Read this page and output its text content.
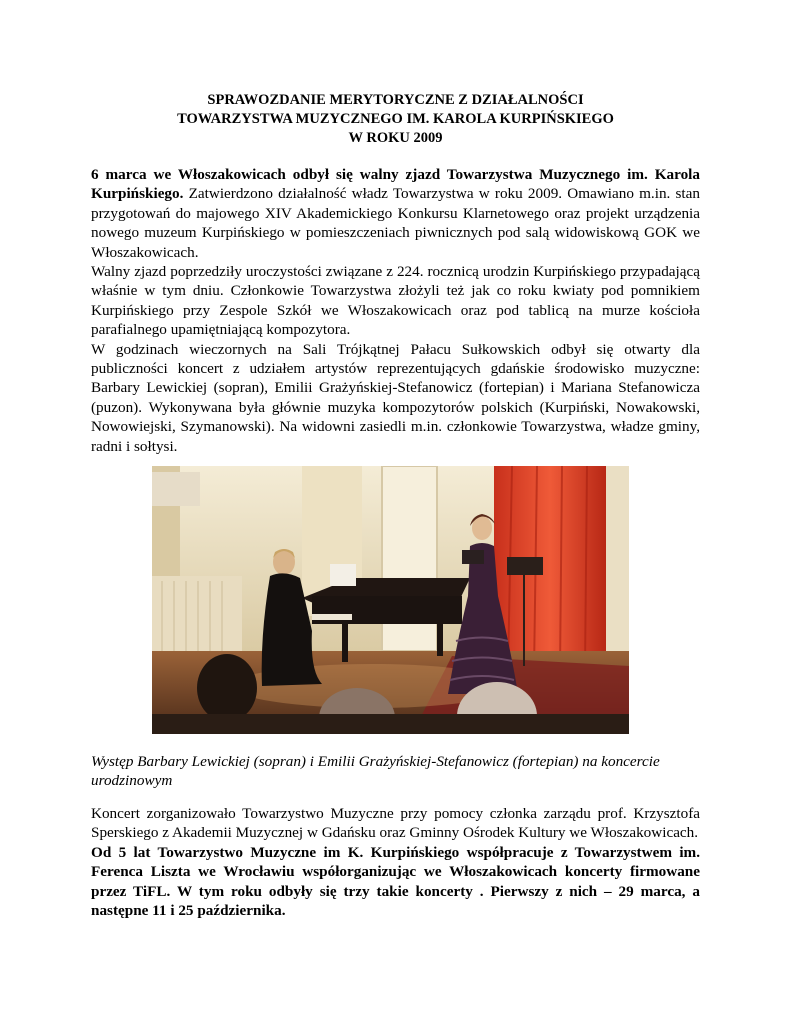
SPRAWOZDANIE MERYTORYCZNE Z DZIAŁALNOŚCI
TOWARZYSTWA MUZYCZNEGO IM. KAROLA KURPIŃSKIEGO
W ROKU 2009

6 marca we Włoszakowicach odbył się walny zjazd Towarzystwa Muzycznego im. Karola Kurpińskiego. Zatwierdzono działalność władz Towarzystwa w roku 2009. Omawiano m.in. stan przygotowań do majowego XIV Akademickiego Konkursu Klarnetowego oraz projekt urządzenia nowego muzeum Kurpińskiego w pomieszczeniach piwnicznych pod salą widowiskową GOK we Włoszakowicach.

Walny zjazd poprzedziły uroczystości związane z 224. rocznicą urodzin Kurpińskiego przypadającą właśnie w tym dniu. Członkowie Towarzystwa złożyli też jak co roku kwiaty pod pomnikiem Kurpińskiego przy Zespole Szkół we Włoszakowicach oraz pod tablicą na murze kościoła parafialnego upamiętniającą kompozytora.

W godzinach wieczornych na Sali Trójkątnej Pałacu Sułkowskich odbył się otwarty dla publiczności koncert z udziałem artystów reprezentujących gdańskie środowisko muzyczne: Barbary Lewickiej (sopran), Emilii Grażyńskiej-Stefanowicz (fortepian) i Mariana Stefanowicza (puzon). Wykonywana była głównie muzyka kompozytorów polskich (Kurpiński, Nowakowski, Nowowiejski, Szymanowski). Na widowni zasiedli m.in. członkowie Towarzystwa, władze gminy, radni i sołtysi.

Występ Barbary Lewickiej (sopran) i Emilii Grażyńskiej-Stefanowicz (fortepian) na koncercie urodzinowym

Koncert zorganizowało Towarzystwo Muzyczne przy pomocy członka zarządu prof. Krzysztofa Sperskiego z Akademii Muzycznej w Gdańsku oraz Gminny Ośrodek Kultury we Włoszakowicach.

Od 5 lat Towarzystwo Muzyczne im K. Kurpińskiego współpracuje z Towarzystwem im. Ferenca Liszta we Wrocławiu współorganizując we Włoszakowicach koncerty firmowane przez TiFL. W tym roku odbyły się trzy takie koncerty . Pierwszy z nich – 29 marca, a następne 11 i 25 października.
